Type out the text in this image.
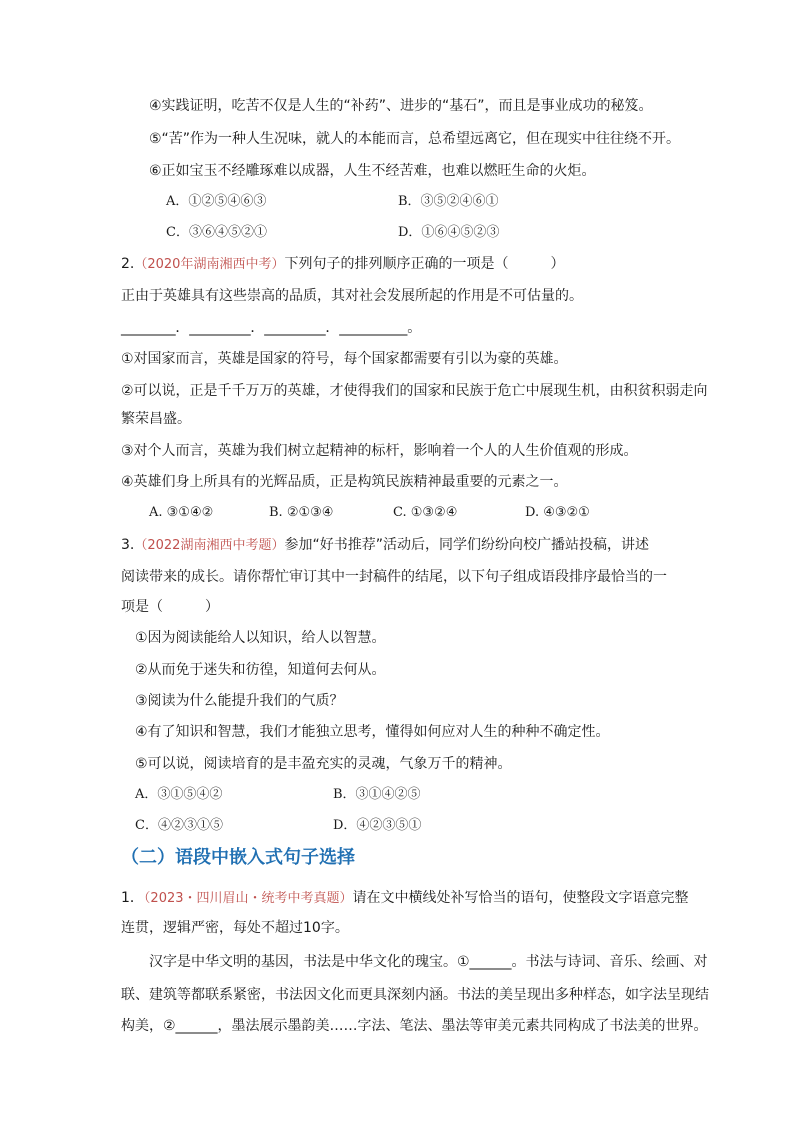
④实践证明，吃苦不仅是人生的“补药”、进步的“基石”，而且是事业成功的秘笈。
⑤“苦”作为一种人生况味，就人的本能而言，总希望远离它，但在现实中往往绕不开。
⑥正如宝玉不经雕琢难以成器，人生不经苦难，也难以燃旺生命的火炬。
A．①②⑤④⑥③	B．③⑤②④⑥①
C．③⑥④⑤②①	D．①⑥④⑤②③
2.（2020年湖南湘西中考）下列句子的排列顺序正确的一项是（　　　）
正由于英雄具有这些崇高的品质，其对社会发展所起的作用是不可估量的。
________．_________．_________．__________。
①对国家而言，英雄是国家的符号，每个国家都需要有引以为豪的英雄。
②可以说，正是千千万万的英雄，才使得我们的国家和民族于危亡中展现生机，由积贫积弱走向
繁荣昌盛。
③对个人而言，英雄为我们树立起精神的标杆，影响着一个人的人生价值观的形成。
④英雄们身上所具有的光辉品质，正是构筑民族精神最重要的元素之一。
A. ③①④②	B. ②①③④	C. ①③②④	D. ④③②①
3.（2022湖南湘西中考题）参加“好书推荐”活动后，同学们纷纷向校广播站投稿，讲述
阅读带来的成长。请你帮忙审订其中一封稿件的结尾，以下句子组成语段排序最恰当的一
项是（　　　）
①因为阅读能给人以知识，给人以智慧。
②从而免于迷失和彷徨，知道何去何从。
③阅读为什么能提升我们的气质？
④有了知识和智慧，我们才能独立思考，懂得如何应对人生的种种不确定性。
⑤可以说，阅读培育的是丰盈充实的灵魂，气象万千的精神。
A．③①⑤④②	B．③①④②⑤
C．④②③①⑤	D．④②③⑤①
（二）语段中嵌入式句子选择
1．（2023・四川眉山・统考中考真题）请在文中横线处补写恰当的语句，使整段文字语意完整
连贯，逻辑严密，每处不超过10字。
汉字是中华文明的基因，书法是中华文化的瑰宝。①______。书法与诗词、音乐、绘画、对
联、建筑等都联系紧密，书法因文化而更具深刻内涵。书法的美呈现出多种样态，如字法呈现结
构美，②______，墨法展示墨韵美……字法、笔法、墨法等审美元素共同构成了书法美的世界。
